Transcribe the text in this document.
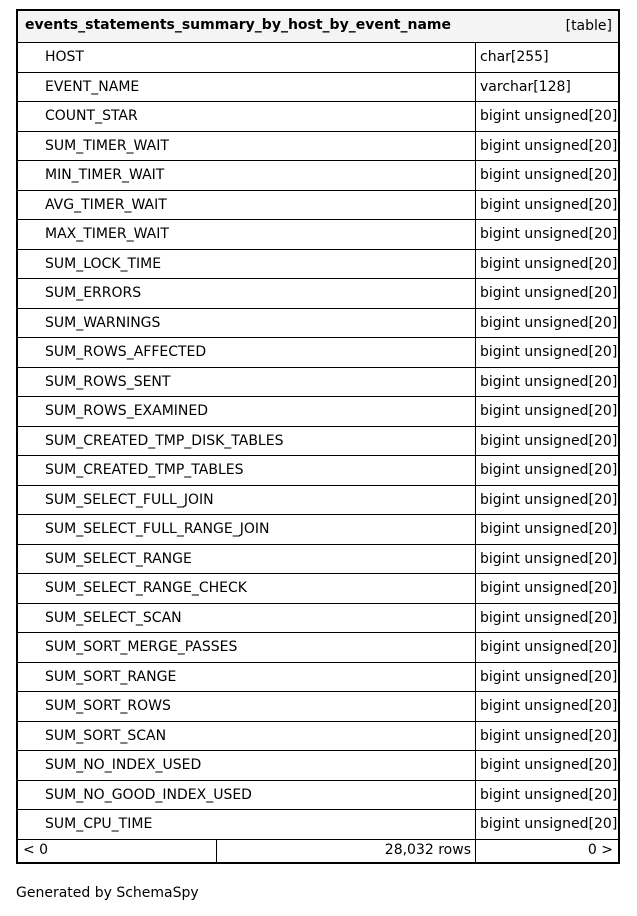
events_statements_summary_by_host_by_event_name	[table]
HOST	char[255]
EVENT_NAME	varchar[128]
COUNT_STAR	bigint unsigned[20]
SUM_TIMER_WAIT	bigint unsigned[20]
MIN_TIMER_WAIT	bigint unsigned[20]
AVG_TIMER_WAIT	bigint unsigned[20]
MAX_TIMER_WAIT	bigint unsigned[20]
SUM_LOCK_TIME	bigint unsigned[20]
SUM_ERRORS	bigint unsigned[20]
SUM_WARNINGS	bigint unsigned[20]
SUM_ROWS_AFFECTED	bigint unsigned[20]
SUM_ROWS_SENT	bigint unsigned[20]
SUM_ROWS_EXAMINED	bigint unsigned[20]
SUM_CREATED_TMP_DISK_TABLES	bigint unsigned[20]
SUM_CREATED_TMP_TABLES	bigint unsigned[20]
SUM_SELECT_FULL_JOIN	bigint unsigned[20]
SUM_SELECT_FULL_RANGE_JOIN	bigint unsigned[20]
SUM_SELECT_RANGE	bigint unsigned[20]
SUM_SELECT_RANGE_CHECK	bigint unsigned[20]
SUM_SELECT_SCAN	bigint unsigned[20]
SUM_SORT_MERGE_PASSES	bigint unsigned[20]
SUM_SORT_RANGE	bigint unsigned[20]
SUM_SORT_ROWS	bigint unsigned[20]
SUM_SORT_SCAN	bigint unsigned[20]
SUM_NO_INDEX_USED	bigint unsigned[20]
SUM_NO_GOOD_INDEX_USED	bigint unsigned[20]
SUM_CPU_TIME	bigint unsigned[20]
< 0	28,032 rows	0 >
Generated by SchemaSpy
